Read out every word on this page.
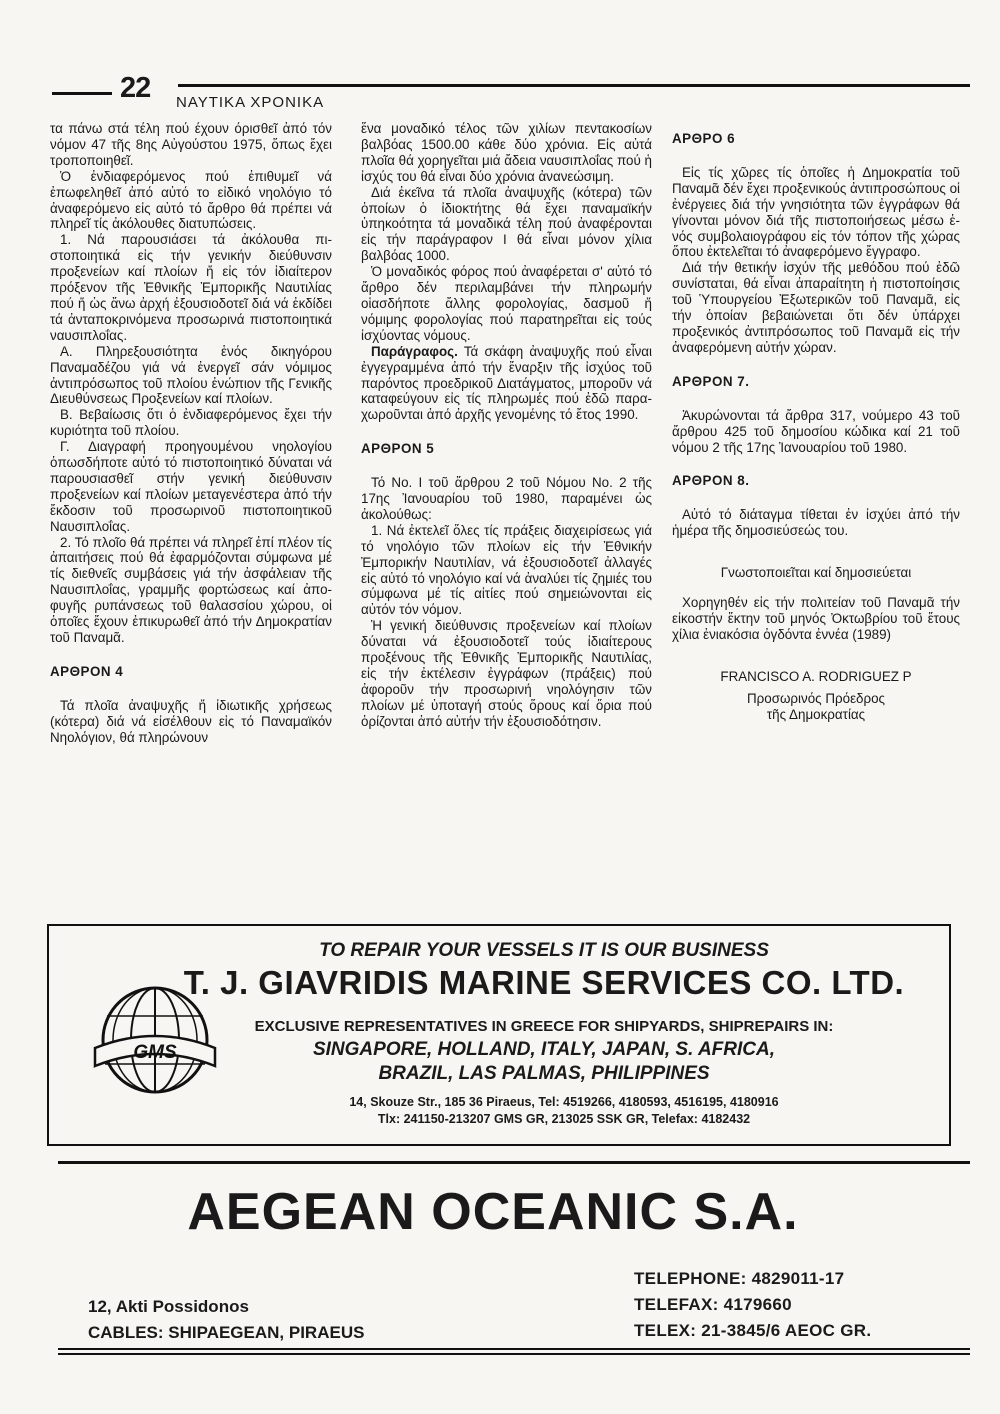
22 ΝΑΥΤΙΚΑ ΧΡΟΝΙΚΑ

τα πάνω στά τέλη πού έχουν όρισθεῖ ἀπό τόν νόμον 47 τῆς 8ης Αὐγούστου 1975, ὅπως ἔχει τροποποιηθεῖ.

Ὁ ἐνδιαφερόμενος πού ἐπιθυμεῖ νά ἐπωφεληθεῖ ἀπό αὐτό το εἰδικό νηολόγιο τό ἀναφερόμενο εἰς αὐτό τό ἄρθρο θά πρέπει νά πληρεῖ τίς ἀκόλουθες διατυπώσεις.

1. Νά παρουσιάσει τά ἀκόλουθα πιστοποιητικά εἰς τήν γενικήν διεύθυνσιν προξενείων καί πλοίων ἤ εἰς τόν ἰδιαίτερον πρόξενον τῆς Ἐθνικῆς Ἐμπορικῆς Ναυτιλίας πού ἤ ὡς ἄνω ἀρχή ἐξουσιοδοτεῖ διά νά ἐκδίδει τά ἀνταποκρινόμενα προσωρινά πιστοποιητικά ναυσιπλοΐας.

Α. Πληρεξουσιότητα ἑνός δικηγόρου Παναμαδέζου γιά νά ἐνεργεῖ σάν νόμιμος ἀντιπρόσωπος τοῦ πλοίου ἐνώπιον τῆς Γενικῆς Διευθύνσεως Προξενείων καί πλοίων.

Β. Βεβαίωσις ὅτι ὁ ἐνδιαφερόμενος ἔχει τήν κυριότητα τοῦ πλοίου.

Γ. Διαγραφή προηγουμένου νηολογίου ὁπωσδήποτε αὐτό τό πιστοποιητικό δύναται νά παρουσιασθεῖ στήν γενική διεύθυνσιν προξενείων καί πλοίων μεταγενέστερα ἀπό τήν ἔκδοσιν τοῦ προσωρινοῦ πιστοποιητικοῦ Ναυσιπλοΐας.

2. Τό πλοῖο θά πρέπει νά πληρεῖ ἐπί πλέον τίς ἀπαιτήσεις πού θά ἐφαρμόζονται σύμφωνα μέ τίς διεθνεῖς συμβάσεις γιά τήν ἀσφάλειαν τῆς Ναυσιπλοΐας, γραμμῆς φορτώσεως καί ἀποφυγῆς ρυπάνσεως τοῦ θαλασσίου χώρου, οἱ ὁποῖες ἔχουν ἐπικυρωθεῖ ἀπό τήν Δημοκρατίαν τοῦ Παναμᾶ.

ΑΡΘΡΟΝ 4

Τά πλοῖα ἀναψυχῆς ἤ ἰδιωτικῆς χρήσεως (κότερα) διά νά εἰσέλθουν εἰς τό Παναμαϊκόν Νηολόγιον, θά πληρώνουν

ἕνα μοναδικό τέλος τῶν χιλίων πεντακοσίων βαλβόας 1500.00 κάθε δύο χρόνια. Εἰς αὐτά πλοῖα θά χορηγεῖται μιά ἄδεια ναυσιπλοΐας πού ἡ ἰσχύς του θά εἶναι δύο χρόνια ἀνανεώσιμη.

Διά ἐκεῖνα τά πλοῖα ἀναψυχῆς (κότερα) τῶν ὁποίων ὁ ἰδιοκτήτης θά ἔχει παναμαϊκήν ὑπηκοότητα τά μοναδικά τέλη πού ἀναφέρονται εἰς τήν παράγραφον Ι θά εἶναι μόνον χίλια βαλβόας 1000.

Ὁ μοναδικός φόρος πού ἀναφέρεται σ' αὐτό τό ἄρθρο δέν περιλαμβάνει τήν πληρωμήν οἱασδήποτε ἄλλης φορολογίας, δασμοῦ ἤ νόμιμης φορολογίας πού παρατηρεῖται εἰς τούς ἰσχύοντας νόμους.

Παράγραφος. Τά σκάφη ἀναψυχῆς πού εἶναι ἐγγεγραμμένα ἀπό τήν ἔναρξιν τῆς ἰσχύος τοῦ παρόντος προεδρικοῦ Διατάγματος, μποροῦν νά καταφεύγουν εἰς τίς πληρωμές πού ἐδῶ παραχωροῦνται ἀπό ἀρχῆς γενομένης τό ἔτος 1990.

ΑΡΘΡΟΝ 5

Τό Νο. Ι τοῦ ἄρθρου 2 τοῦ Νόμου Νο. 2 τῆς 17ης Ἰανουαρίου τοῦ 1980, παραμένει ὡς ἀκολούθως:

1. Νά ἐκτελεῖ ὅλες τίς πράξεις διαχειρίσεως γιά τό νηολόγιο τῶν πλοίων εἰς τήν Ἐθνικήν Ἐμπορικήν Ναυτιλίαν, νά ἐξουσιοδοτεῖ ἀλλαγές εἰς αὐτό τό νηολόγιο καί νά ἀναλύει τίς ζημιές του σύμφωνα μέ τίς αἰτίες πού σημειώνονται εἰς αὐτόν τόν νόμον.

Ἡ γενική διεύθυνσις προξενείων καί πλοίων δύναται νά ἐξουσιοδοτεῖ τούς ἰδιαίτερους προξένους τῆς Ἐθνικῆς Ἐμπορικῆς Ναυτιλίας, εἰς τήν ἐκτέλεσιν ἐγγράφων (πράξεις) πού ἀφοροῦν τήν προσωρινή νηολόγησιν τῶν πλοίων μέ ὑποταγή στούς ὅρους καί ὅρια πού ὁρίζονται ἀπό αὐτήν τήν ἐξουσιοδότησιν.

ΑΡΘΡΟ 6

Εἰς τίς χῶρες τίς ὁποῖες ἡ Δημοκρατία τοῦ Παναμᾶ δέν ἔχει προξενικούς ἀντιπροσώπους οἱ ἐνέργειες διά τήν γνησιότητα τῶν ἐγγράφων θά γίνονται μόνον διά τῆς πιστοποιήσεως μέσω ἑνός συμβολαιογράφου εἰς τόν τόπον τῆς χώρας ὅπου ἐκτελεῖται τό ἀναφερόμενο ἔγγραφο.

Διά τήν θετικήν ἰσχύν τῆς μεθόδου πού ἐδῶ συνίσταται, θά εἶναι ἀπαραίτητη ἡ πιστοποίησις τοῦ Ὑπουργείου Ἐξωτερικῶν τοῦ Παναμᾶ, εἰς τήν ὁποίαν βεβαιώνεται ὅτι δέν ὑπάρχει προξενικός ἀντιπρόσωπος τοῦ Παναμᾶ εἰς τήν ἀναφερόμενη αὐτήν χώραν.

ΑΡΘΡΟΝ 7.

Ἀκυρώνονται τά ἄρθρα 317, νούμερο 43 τοῦ ἄρθρου 425 τοῦ δημοσίου κώδικα καί 21 τοῦ νόμου 2 τῆς 17ης Ἰανουαρίου τοῦ 1980.

ΑΡΘΡΟΝ 8.

Αὐτό τό διάταγμα τίθεται ἐν ἰσχύει ἀπό τήν ἡμέρα τῆς δημοσιεύσεώς του.

Γνωστοποιεῖται καί δημοσιεύεται

Χορηγηθέν εἰς τήν πολιτείαν τοῦ Παναμᾶ τήν εἰκοστήν ἕκτην τοῦ μηνός Ὀκτωβρίου τοῦ ἔτους χίλια ἐνιακόσια ὀγδόντα ἐννέα (1989)

FRANCISCO A. RODRIGUEZ P

Προσωρινός Πρόεδρος

τῆς Δημοκρατίας

GMS
TO REPAIR YOUR VESSELS IT IS OUR BUSINESS
T. J. GIAVRIDIS MARINE SERVICES CO. LTD.
EXCLUSIVE REPRESENTATIVES IN GREECE FOR SHIPYARDS, SHIPREPAIRS IN:
SINGAPORE, HOLLAND, ITALY, JAPAN, S. AFRICA,
BRAZIL, LAS PALMAS, PHILIPPINES
14, Skouze Str., 185 36 Piraeus, Tel: 4519266, 4180593, 4516195, 4180916
Tlx: 241150-213207 GMS GR, 213025 SSK GR, Telefax: 4182432
AEGEAN OCEANIC S.A.
12, Akti Possidonos
CABLES: SHIPAEGEAN, PIRAEUS
TELEPHONE: 4829011-17
TELEFAX: 4179660
TELEX: 21-3845/6 AEOC GR.
